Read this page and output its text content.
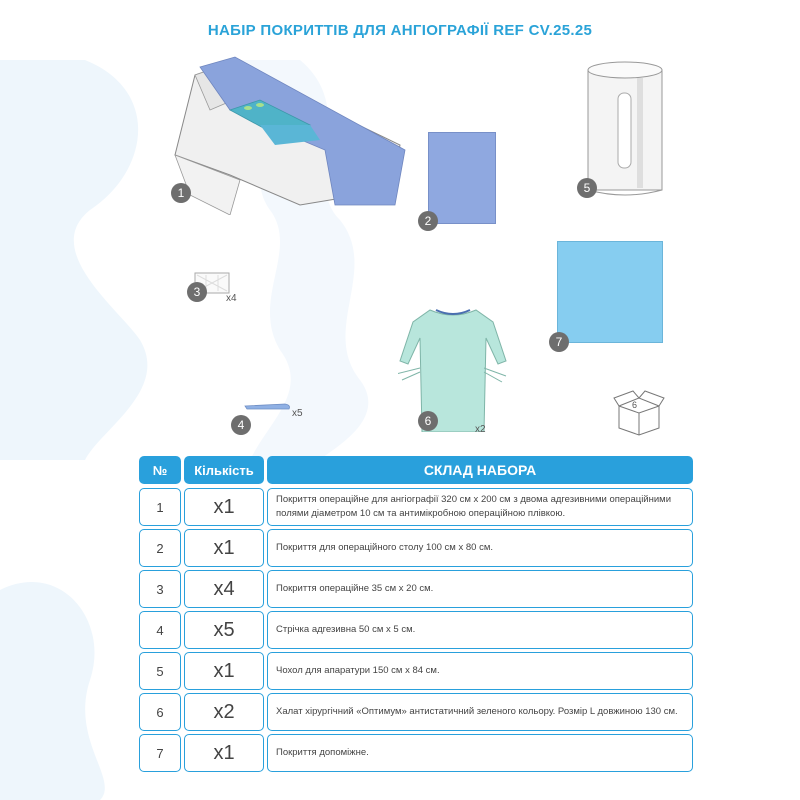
НАБІР ПОКРИТТІВ ДЛЯ АНГІОГРАФІЇ REF CV.25.25
1
2
5
7
3	x4
4
x5
6
x2
6
№	Кількість	СКЛАД НАБОРА
1	x1	Покриття операційне для ангіографії 320 см х 200 см з двома адгезивними операційними полями діаметром 10 см та антимікробною операційною плівкою.
2	x1	Покриття для операційного столу 100 см х 80 см.
3	x4	Покриття операційне 35 см х 20 см.
4	x5	Стрічка адгезивна 50 см х 5 см.
5	x1	Чохол для апаратури 150 см х 84 см.
6	x2	Халат хірургічний «Оптимум» антистатичний зеленого кольору. Розмір L довжиною 130 см.
7	x1	Покриття допоміжне.
